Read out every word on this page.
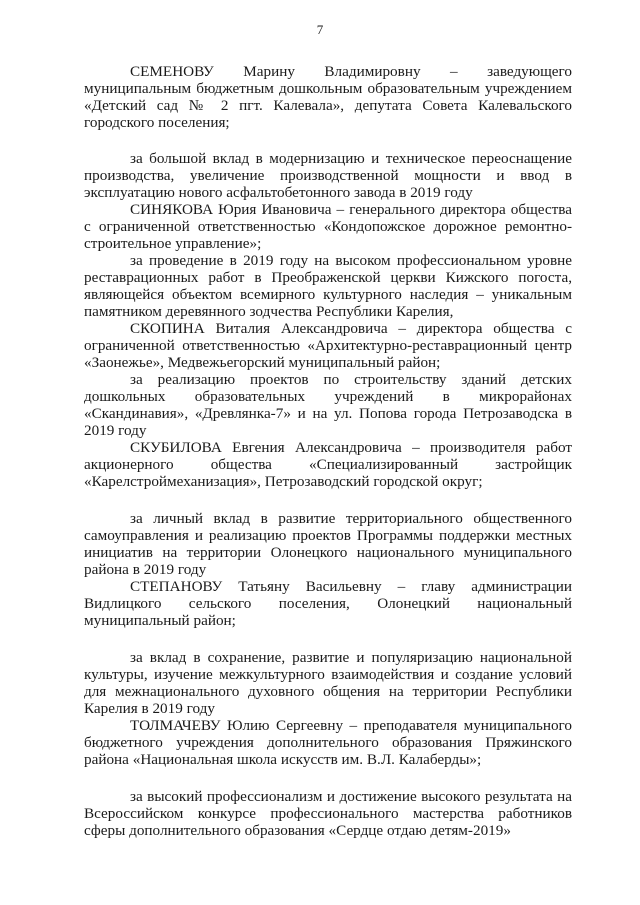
7
СЕМЕНОВУ Марину Владимировну – заведующего
муниципальным бюджетным дошкольным образовательным учреждением
«Детский сад № 2 пгт. Калевала», депутата Совета Калевальского
городского поселения;
за большой вклад в модернизацию и техническое переоснащение
производства, увеличение производственной мощности и ввод в
эксплуатацию нового асфальтобетонного завода в 2019 году
СИНЯКОВА Юрия Ивановича – генерального директора общества
с ограниченной ответственностью «Кондопожское дорожное ремонтно-
строительное управление»;
за проведение в 2019 году на высоком профессиональном уровне
реставрационных работ в Преображенской церкви Кижского погоста,
являющейся объектом всемирного культурного наследия – уникальным
памятником деревянного зодчества Республики Карелия,
СКОПИНА Виталия Александровича – директора общества с
ограниченной ответственностью «Архитектурно-реставрационный центр
«Заонежье», Медвежьегорский муниципальный район;
за реализацию проектов по строительству зданий детских
дошкольных образовательных учреждений в микрорайонах
«Скандинавия», «Древлянка-7» и на ул. Попова города Петрозаводска в
2019 году
СКУБИЛОВА Евгения Александровича – производителя работ
акционерного общества «Специализированный застройщик
«Карелстроймеханизация», Петрозаводский городской округ;
за личный вклад в развитие территориального общественного
самоуправления и реализацию проектов Программы поддержки местных
инициатив на территории Олонецкого национального муниципального
района в 2019 году
СТЕПАНОВУ Татьяну Васильевну – главу администрации
Видлицкого сельского поселения, Олонецкий национальный
муниципальный район;
за вклад в сохранение, развитие и популяризацию национальной
культуры, изучение межкультурного взаимодействия и создание условий
для межнационального духовного общения на территории Республики
Карелия в 2019 году
ТОЛМАЧЕВУ Юлию Сергеевну – преподавателя муниципального
бюджетного учреждения дополнительного образования Пряжинского
района «Национальная школа искусств им. В.Л. Калаберды»;
за высокий профессионализм и достижение высокого результата на
Всероссийском конкурсе профессионального мастерства работников
сферы дополнительного образования «Сердце отдаю детям-2019»
